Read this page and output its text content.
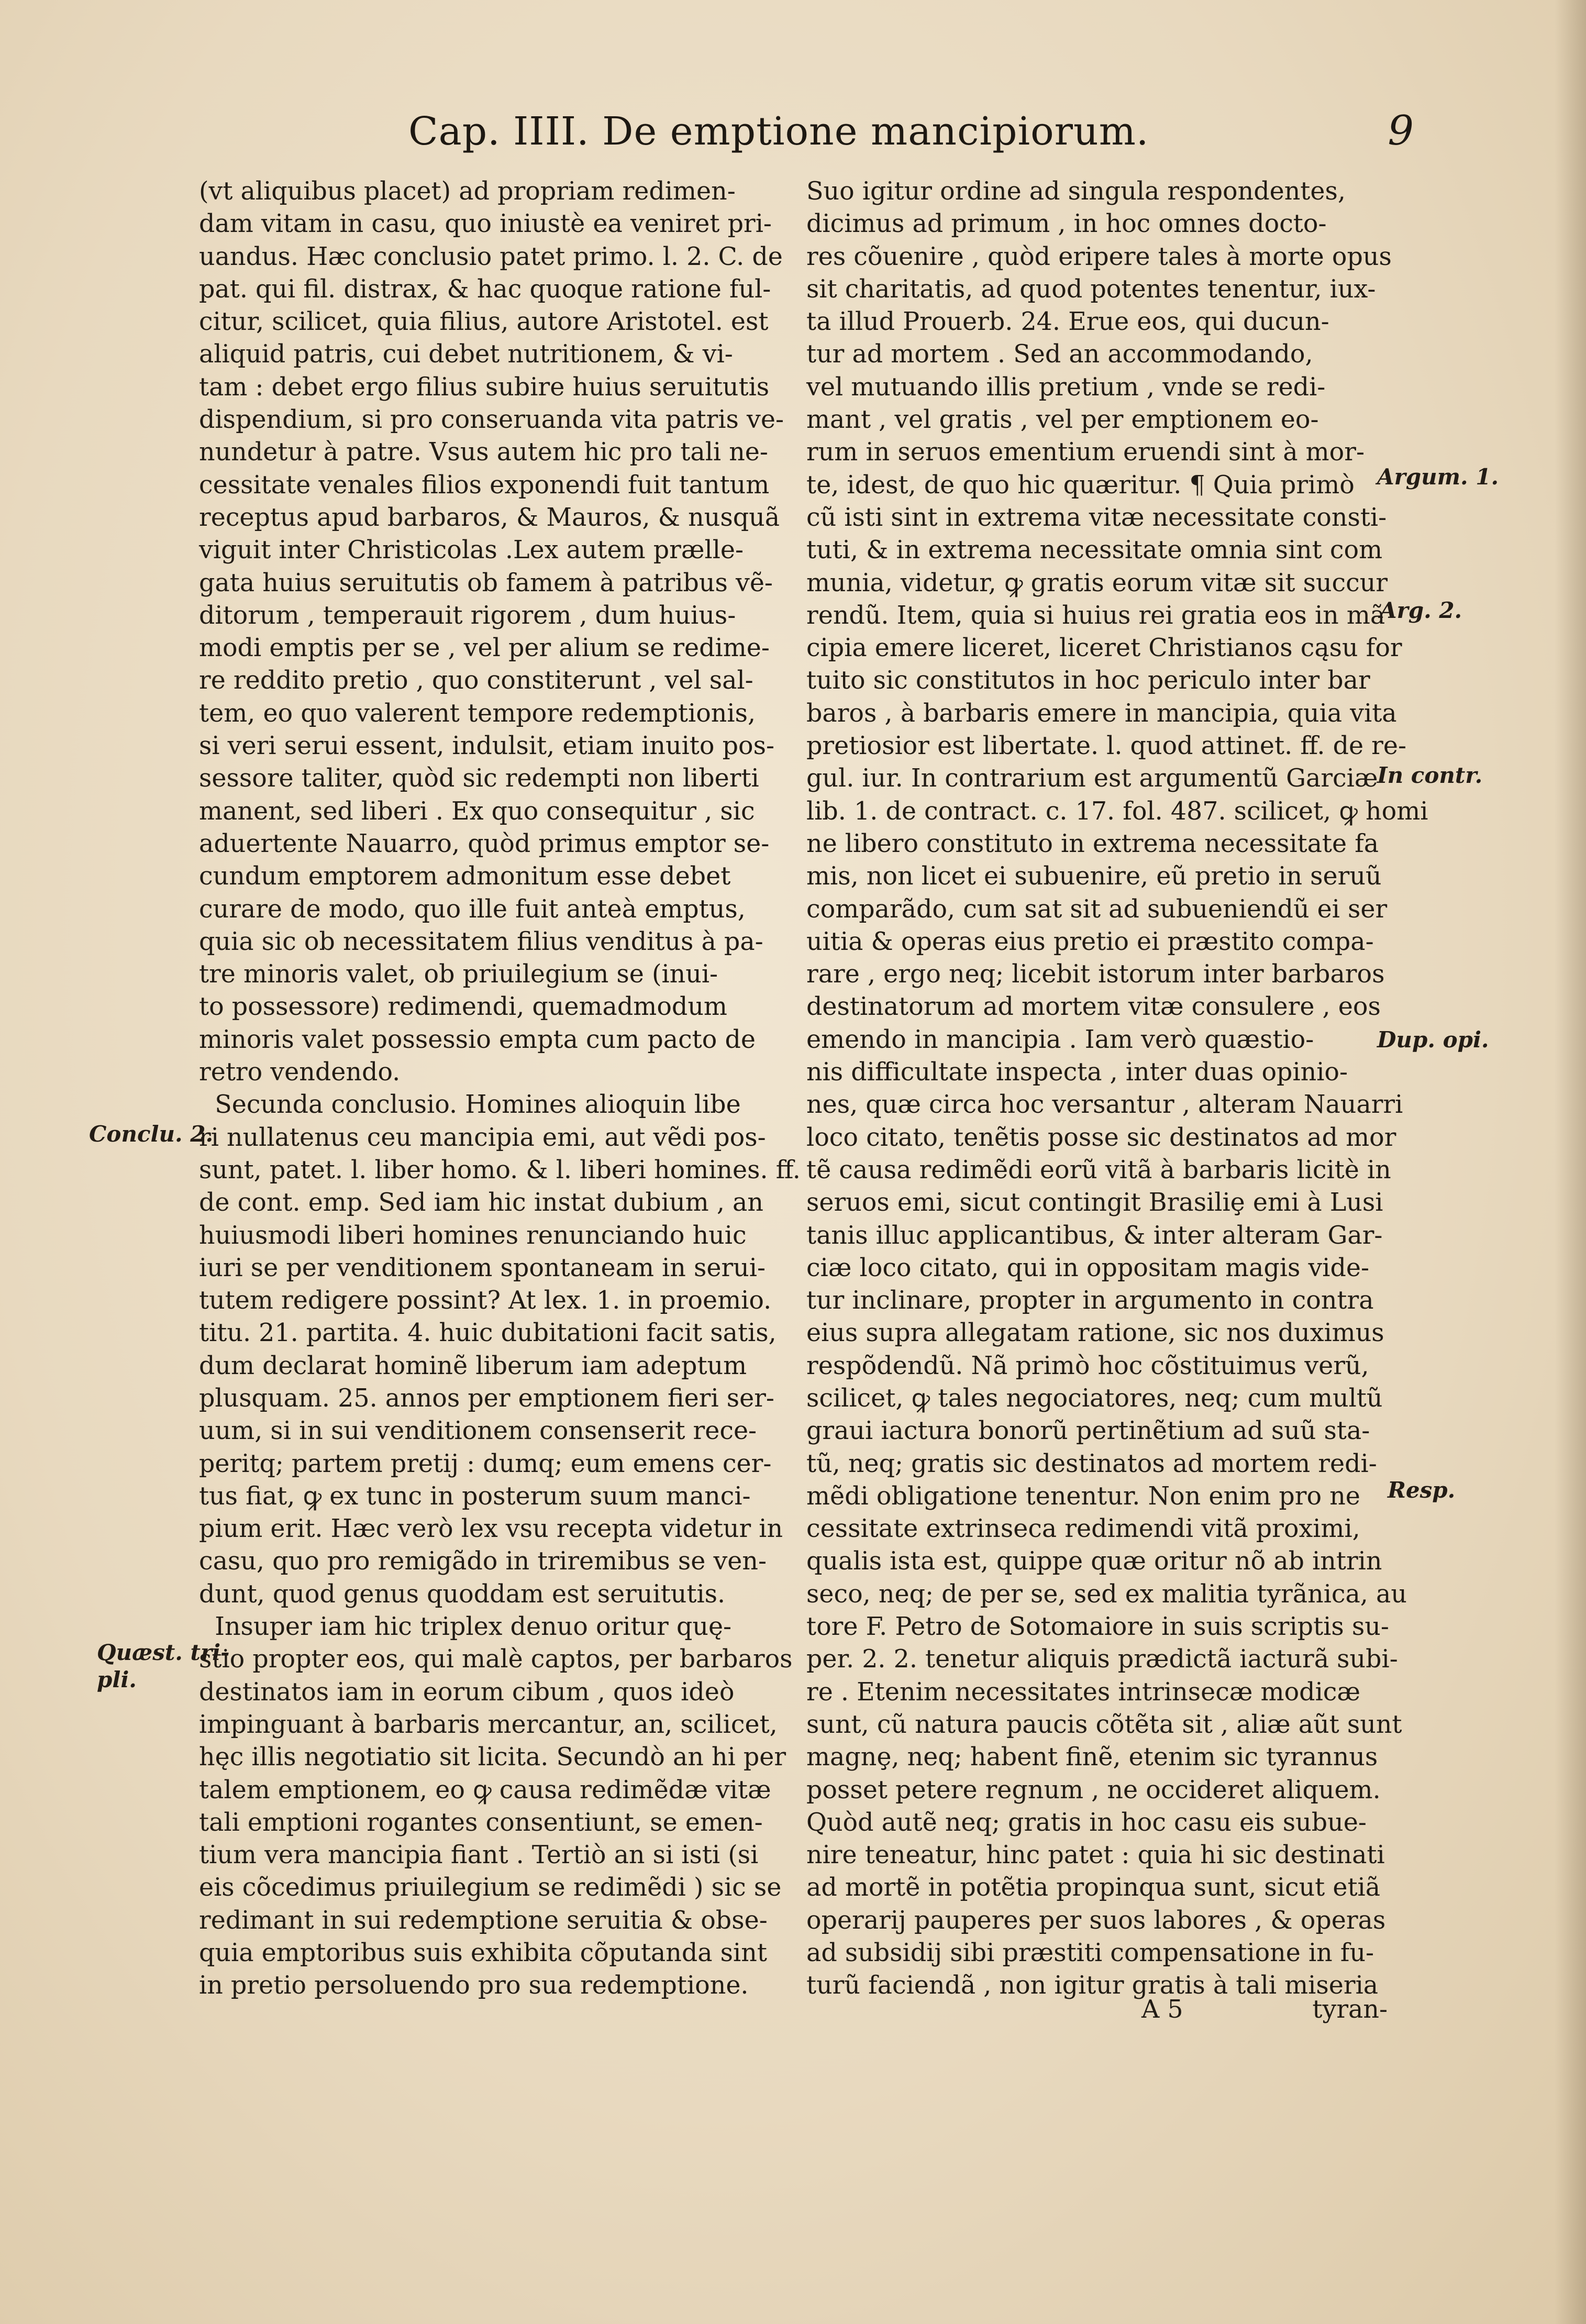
Cap. IIII. De emptione mancipiorum.	9
(vt aliquibus placet) ad propriam redimen-
dam vitam in casu, quo iniustè ea veniret pri-
uandus. Hæc conclusio patet primo. l. 2. C. de
pat. qui fil. distrax, & hac quoque ratione ful-
citur, scilicet, quia filius, autore Aristotel. est
aliquid patris, cui debet nutritionem, & vi-
tam : debet ergo filius subire huius seruitutis
dispendium, si pro conseruanda vita patris ve-
nundetur à patre. Vsus autem hic pro tali ne-
cessitate venales filios exponendi fuit tantum
receptus apud barbaros, & Mauros, & nusquã
viguit inter Christicolas .Lex autem prælle-
gata huius seruitutis ob famem à patribus vẽ-
ditorum , temperauit rigorem , dum huius-
modi emptis per se , vel per alium se redime-
re reddito pretio , quo constiterunt , vel sal-
tem, eo quo valerent tempore redemptionis,
si veri serui essent, indulsit, etiam inuito pos-
sessore taliter, quòd sic redempti non liberti
manent, sed liberi . Ex quo consequitur , sic
aduertente Nauarro, quòd primus emptor se-
cundum emptorem admonitum esse debet
curare de modo, quo ille fuit anteà emptus,
quia sic ob necessitatem filius venditus à pa-
tre minoris valet, ob priuilegium se (inui-
to possessore) redimendi, quemadmodum
minoris valet possessio empta cum pacto de
retro vendendo.
Secunda conclusio. Homines alioquin libe
ri nullatenus ceu mancipia emi, aut vẽdi pos-
sunt, patet. l. liber homo. & l. liberi homines. ff.
de cont. emp. Sed iam hic instat dubium , an
huiusmodi liberi homines renunciando huic
iuri se per venditionem spontaneam in serui-
tutem redigere possint? At lex. 1. in proemio.
titu. 21. partita. 4. huic dubitationi facit satis,
dum declarat hominẽ liberum iam adeptum
plusquam. 25. annos per emptionem fieri ser-
uum, si in sui venditionem consenserit rece-
peritq; partem pretij : dumq; eum emens cer-
tus fiat, ꝙ ex tunc in posterum suum manci-
pium erit. Hæc verò lex vsu recepta videtur in
casu, quo pro remigãdo in triremibus se ven-
dunt, quod genus quoddam est seruitutis.
Insuper iam hic triplex denuo oritur quę-
stio propter eos, qui malè captos, per barbaros
destinatos iam in eorum cibum , quos ideò
impinguant à barbaris mercantur, an, scilicet,
hęc illis negotiatio sit licita. Secundò an hi per
talem emptionem, eo ꝙ causa redimẽdæ vitæ
tali emptioni rogantes consentiunt, se emen-
tium vera mancipia fiant . Tertiò an si isti (si
eis cõcedimus priuilegium se redimẽdi ) sic se
redimant in sui redemptione seruitia & obse-
quia emptoribus suis exhibita cõputanda sint
in pretio persoluendo pro sua redemptione.
Suo igitur ordine ad singula respondentes,
dicimus ad primum , in hoc omnes docto-
res cõuenire , quòd eripere tales à morte opus
sit charitatis, ad quod potentes tenentur, iux-
ta illud Prouerb. 24. Erue eos, qui ducun-
tur ad mortem . Sed an accommodando,
vel mutuando illis pretium , vnde se redi-
mant , vel gratis , vel per emptionem eo-
rum in seruos ementium eruendi sint à mor-
te, idest, de quo hic quæritur. ¶ Quia primò
cũ isti sint in extrema vitæ necessitate consti-
tuti, & in extrema necessitate omnia sint com
munia, videtur, ꝙ gratis eorum vitæ sit succur
rendũ. Item, quia si huius rei gratia eos in mã
cipia emere liceret, liceret Christianos cąsu for
tuito sic constitutos in hoc periculo inter bar
baros , à barbaris emere in mancipia, quia vita
pretiosior est libertate. l. quod attinet. ff. de re-
gul. iur. In contrarium est argumentũ Garciæ
lib. 1. de contract. c. 17. fol. 487. scilicet, ꝙ homi
ne libero constituto in extrema necessitate fa
mis, non licet ei subuenire, eũ pretio in seruũ
comparãdo, cum sat sit ad subueniendũ ei ser
uitia & operas eius pretio ei præstito compa-
rare , ergo neq; licebit istorum inter barbaros
destinatorum ad mortem vitæ consulere , eos
emendo in mancipia . Iam verò quæstio-
nis difficultate inspecta , inter duas opinio-
nes, quæ circa hoc versantur , alteram Nauarri
loco citato, tenẽtis posse sic destinatos ad mor
tẽ causa redimẽdi eorũ vitã à barbaris licitè in
seruos emi, sicut contingit Brasiliȩ emi à Lusi
tanis illuc applicantibus, & inter alteram Gar-
ciæ loco citato, qui in oppositam magis vide-
tur inclinare, propter in argumento in contra
eius supra allegatam ratione, sic nos duximus
respõdendũ. Nã primò hoc cõstituimus verũ,
scilicet, ꝙ tales negociatores, neq; cum multũ
graui iactura bonorũ pertinẽtium ad suũ sta-
tũ, neq; gratis sic destinatos ad mortem redi-
mẽdi obligatione tenentur. Non enim pro ne
cessitate extrinseca redimendi vitã proximi,
qualis ista est, quippe quæ oritur nõ ab intrin
seco, neq; de per se, sed ex malitia tyrãnica, au
tore F. Petro de Sotomaiore in suis scriptis su-
per. 2. 2. tenetur aliquis prædictã iacturã subi-
re . Etenim necessitates intrinsecæ modicæ
sunt, cũ natura paucis cõtẽta sit , aliæ aũt sunt
magnȩ, neq; habent finẽ, etenim sic tyrannus
posset petere regnum , ne occideret aliquem.
Quòd autẽ neq; gratis in hoc casu eis subue-
nire teneatur, hinc patet : quia hi sic destinati
ad mortẽ in potẽtia propinqua sunt, sicut etiã
operarij pauperes per suos labores , & operas
ad subsidij sibi præstiti compensatione in fu-
turũ faciendã , non igitur gratis à tali miseria
A 5	tyran-
Conclu. 2.
Quæst. tri-
pli.
Argum. 1.
Arg. 2.
In contr.
Dup. opi.
Resp.
